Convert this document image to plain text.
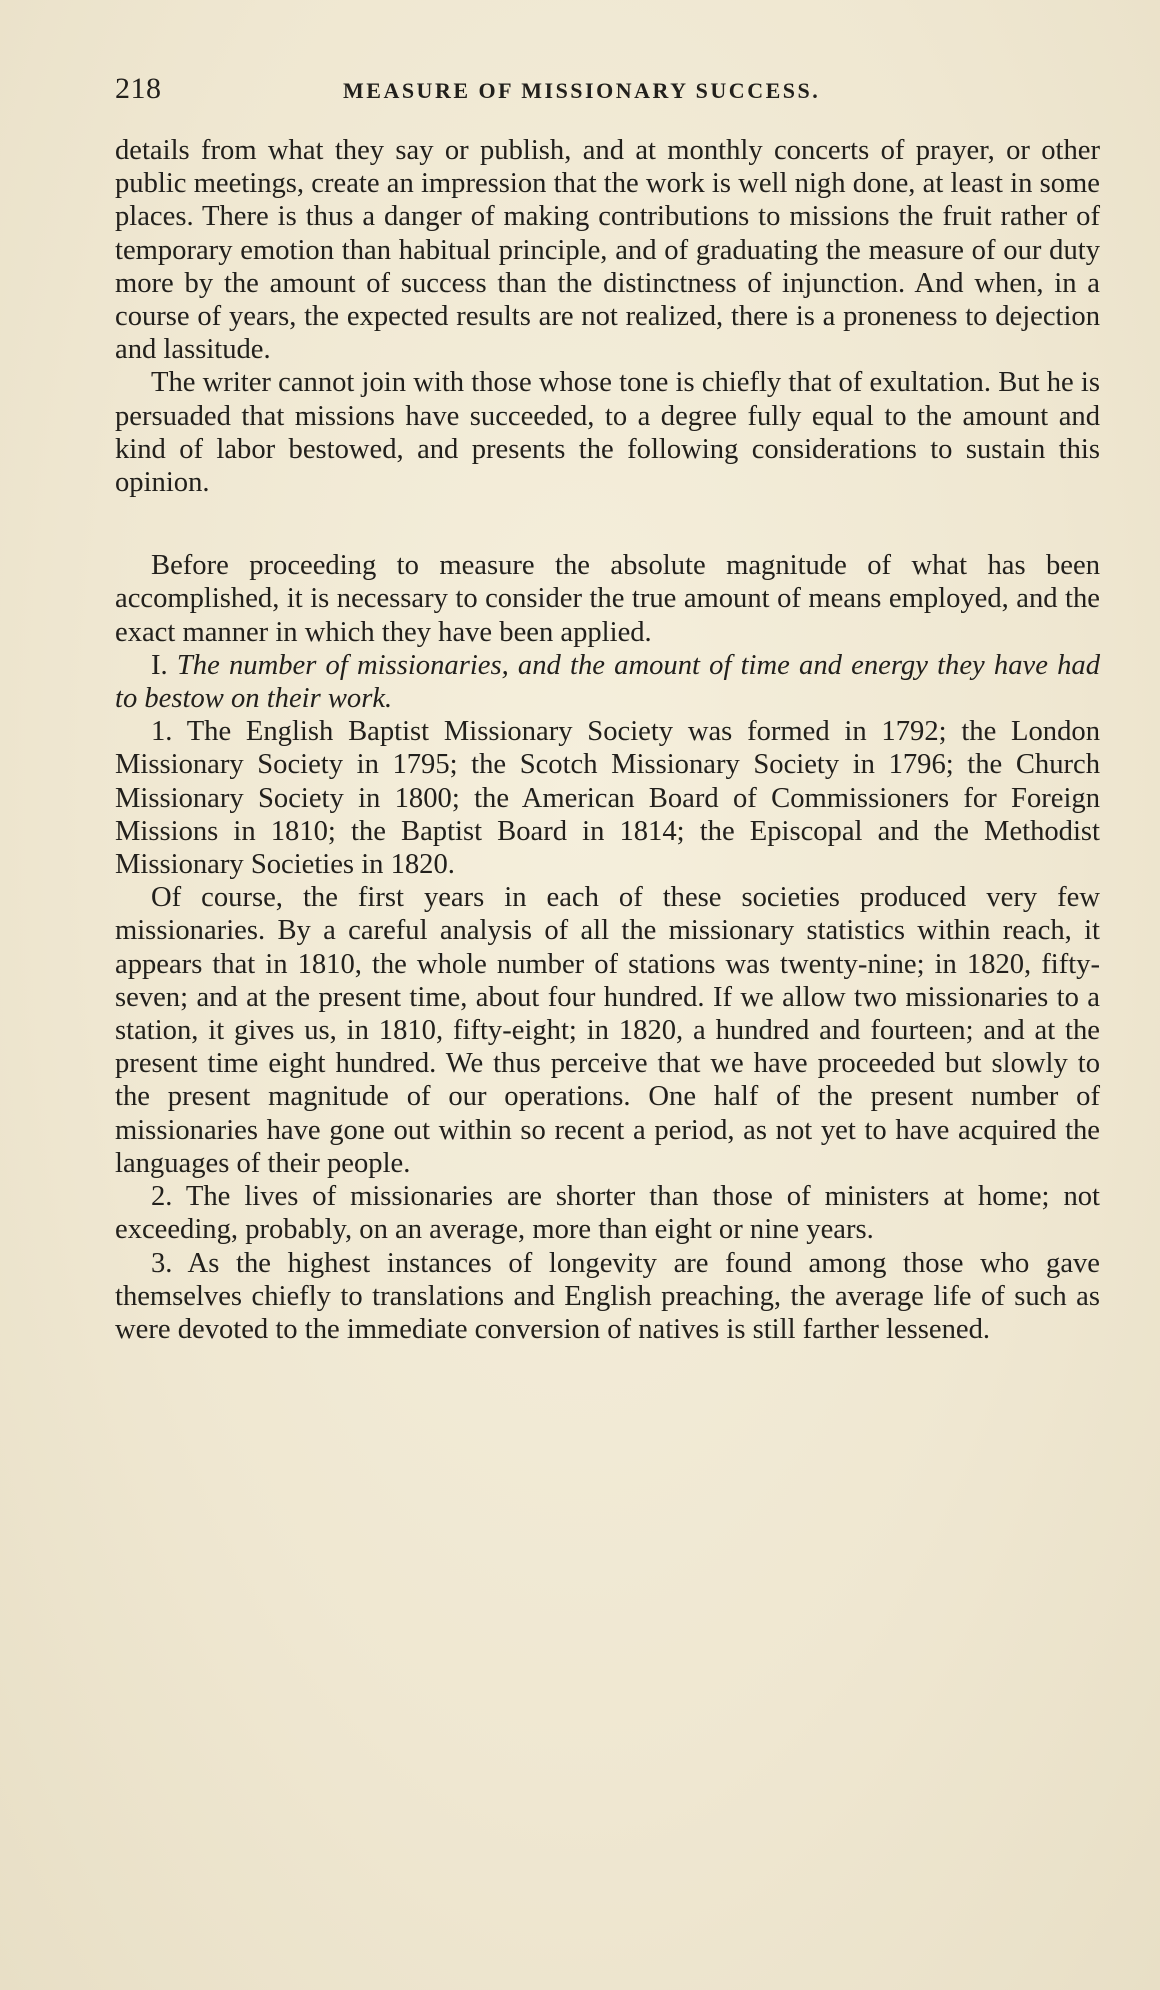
218	MEASURE OF MISSIONARY SUCCESS.

details from what they say or publish, and at monthly concerts of prayer, or other public meetings, create an impression that the work is well nigh done, at least in some places. There is thus a danger of making contributions to missions the fruit rather of temporary emotion than habitual principle, and of graduating the measure of our duty more by the amount of success than the distinctness of injunction. And when, in a course of years, the expected results are not realized, there is a proneness to dejection and lassitude.

The writer cannot join with those whose tone is chiefly that of exultation. But he is persuaded that missions have succeeded, to a degree fully equal to the amount and kind of labor bestowed, and presents the following considerations to sustain this opinion.

Before proceeding to measure the absolute magnitude of what has been accomplished, it is necessary to consider the true amount of means employed, and the exact manner in which they have been applied.

I. The number of missionaries, and the amount of time and energy they have had to bestow on their work.

1. The English Baptist Missionary Society was formed in 1792; the London Missionary Society in 1795; the Scotch Missionary Society in 1796; the Church Missionary Society in 1800; the American Board of Commissioners for Foreign Missions in 1810; the Baptist Board in 1814; the Episcopal and the Methodist Missionary Societies in 1820.

Of course, the first years in each of these societies produced very few missionaries. By a careful analysis of all the missionary statistics within reach, it appears that in 1810, the whole number of stations was twenty-nine; in 1820, fifty-seven; and at the present time, about four hundred. If we allow two missionaries to a station, it gives us, in 1810, fifty-eight; in 1820, a hundred and fourteen; and at the present time eight hundred. We thus perceive that we have proceeded but slowly to the present magnitude of our operations. One half of the present number of missionaries have gone out within so recent a period, as not yet to have acquired the languages of their people.

2. The lives of missionaries are shorter than those of ministers at home; not exceeding, probably, on an average, more than eight or nine years.

3. As the highest instances of longevity are found among those who gave themselves chiefly to translations and English preaching, the average life of such as were devoted to the immediate conversion of natives is still farther lessened.
